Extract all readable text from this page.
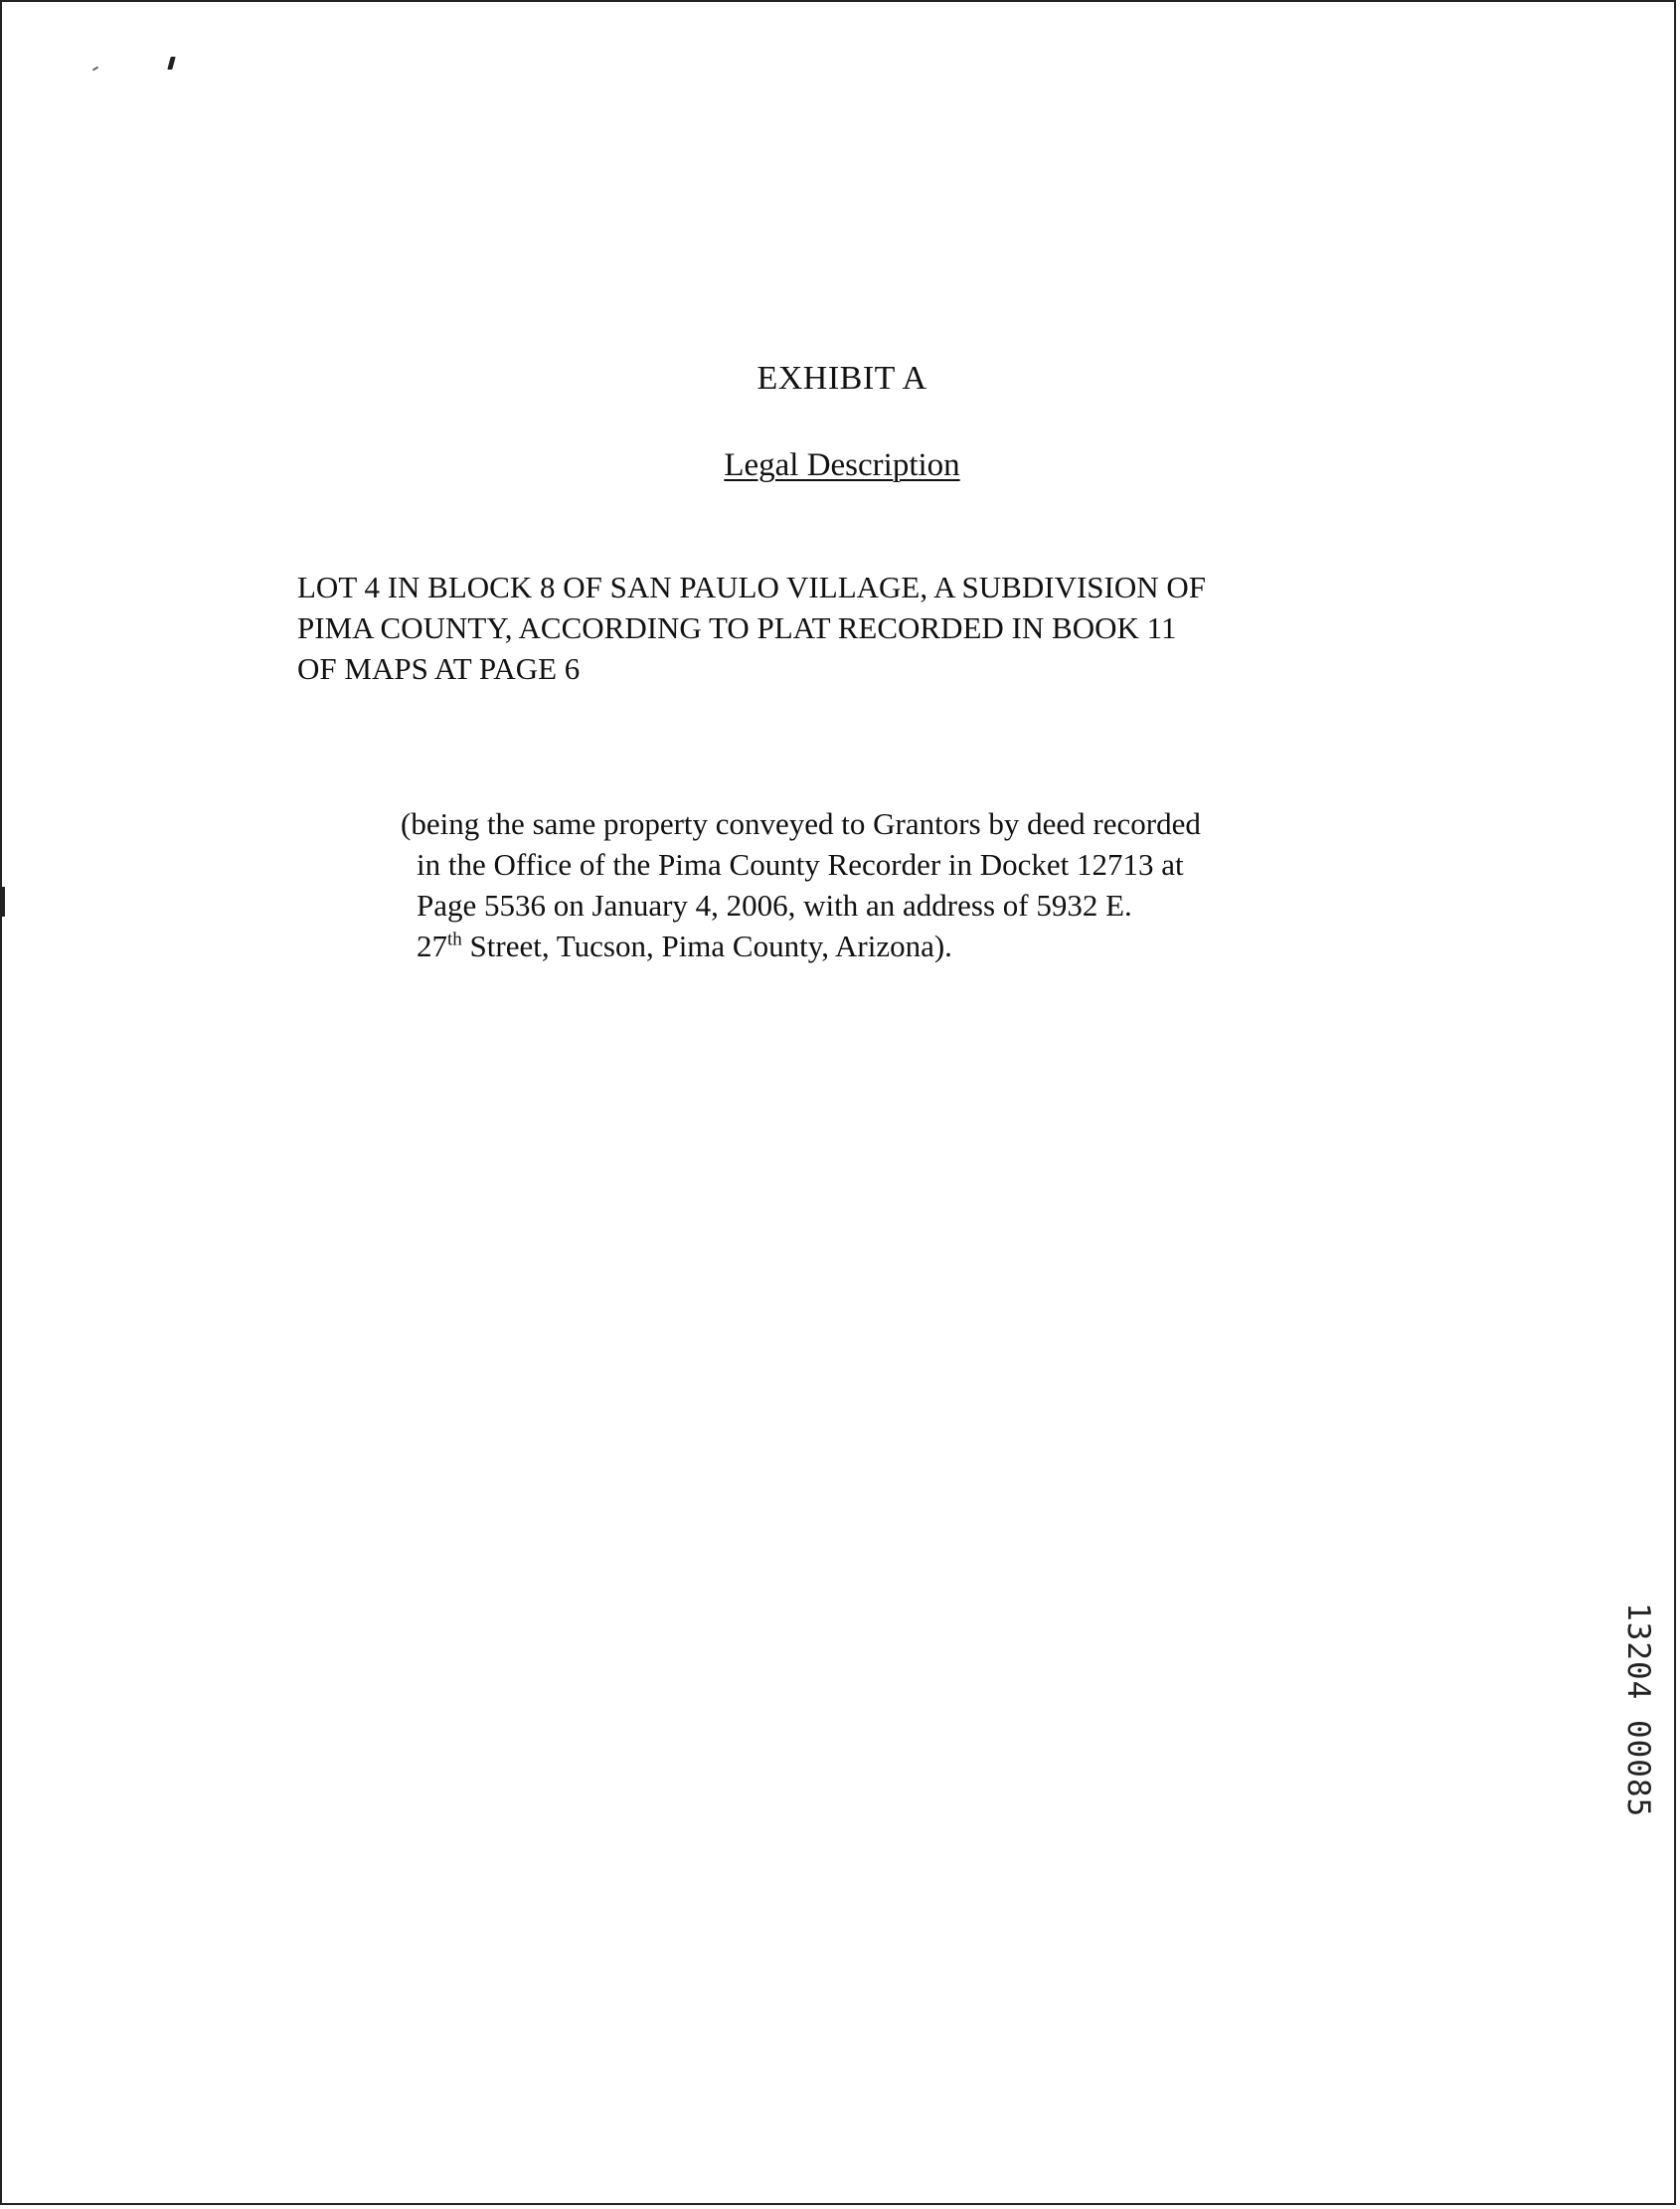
EXHIBIT A
Legal Description
LOT 4 IN BLOCK 8 OF SAN PAULO VILLAGE, A SUBDIVISION OF
PIMA COUNTY, ACCORDING TO PLAT RECORDED IN BOOK 11
OF MAPS AT PAGE 6
(being the same property conveyed to Grantors by deed recorded
in the Office of the Pima County Recorder in Docket 12713 at
Page 5536 on January 4, 2006, with an address of 5932 E.
27th Street, Tucson, Pima County, Arizona).
13204 00085
